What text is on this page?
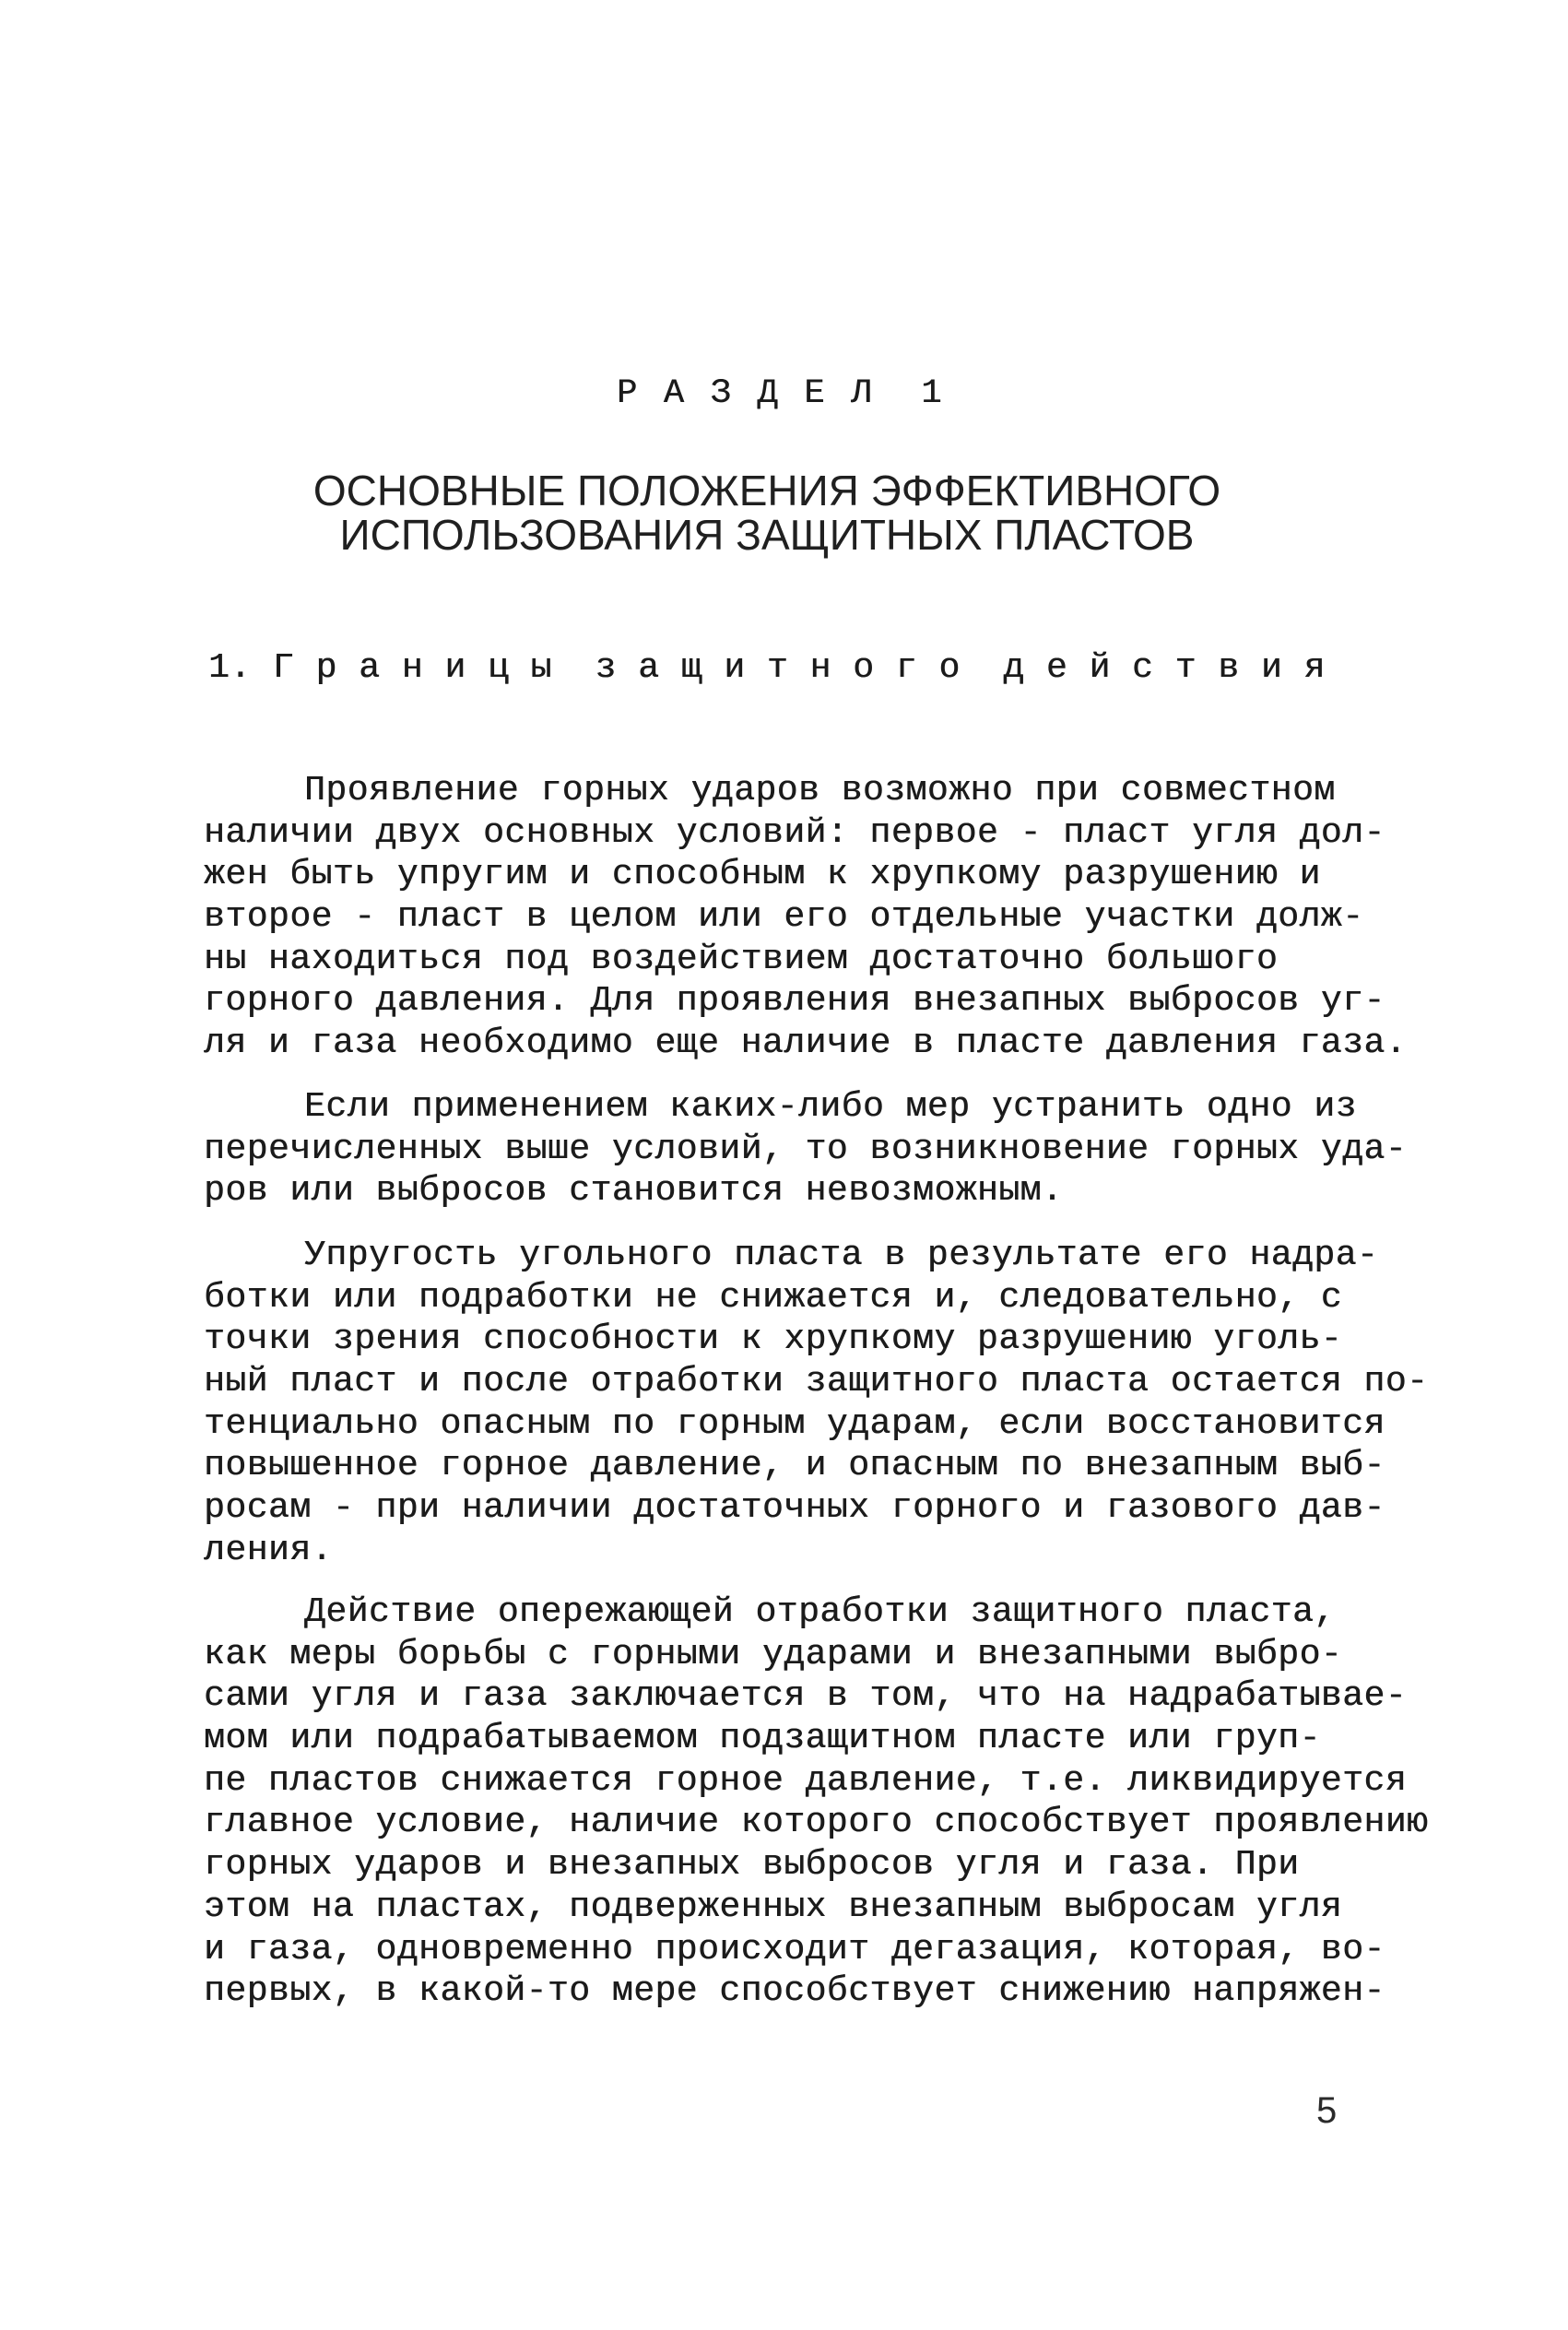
Р А З Д Е Л  1
ОСНОВНЫЕ ПОЛОЖЕНИЯ ЭФФЕКТИВНОГО
ИСПОЛЬЗОВАНИЯ ЗАЩИТНЫХ ПЛАСТОВ
1. Г р а н и ц ы  з а щ и т н о г о  д е й с т в и я
Проявление горных ударов возможно при совместном
наличии двух основных условий: первое - пласт угля дол-
жен быть упругим и способным к хрупкому разрушению и
второе - пласт в целом или его отдельные участки долж-
ны находиться под воздействием достаточно большого
горного давления. Для проявления внезапных выбросов уг-
ля и газа необходимо еще наличие в пласте давления газа.
Если применением каких-либо мер устранить одно из
перечисленных выше условий, то возникновение горных уда-
ров или выбросов становится невозможным.
Упругость угольного пласта в результате его надра-
ботки или подработки не снижается и, следовательно, с
точки зрения способности к хрупкому разрушению уголь-
ный пласт и после отработки защитного пласта остается по-
тенциально опасным по горным ударам, если восстановится
повышенное горное давление, и опасным по внезапным выб-
росам - при наличии достаточных горного и газового дав-
ления.
Действие опережающей отработки защитного пласта,
как меры борьбы с горными ударами и внезапными выбро-
сами угля и газа заключается в том, что на надрабатывае-
мом или подрабатываемом подзащитном пласте или груп-
пе пластов снижается горное давление, т.е. ликвидируется
главное условие, наличие которого способствует проявлению
горных ударов и внезапных выбросов угля и газа. При
этом на пластах, подверженных внезапным выбросам угля
и газа, одновременно происходит дегазация, которая, во-
первых, в какой-то мере способствует снижению напряжен-
5
